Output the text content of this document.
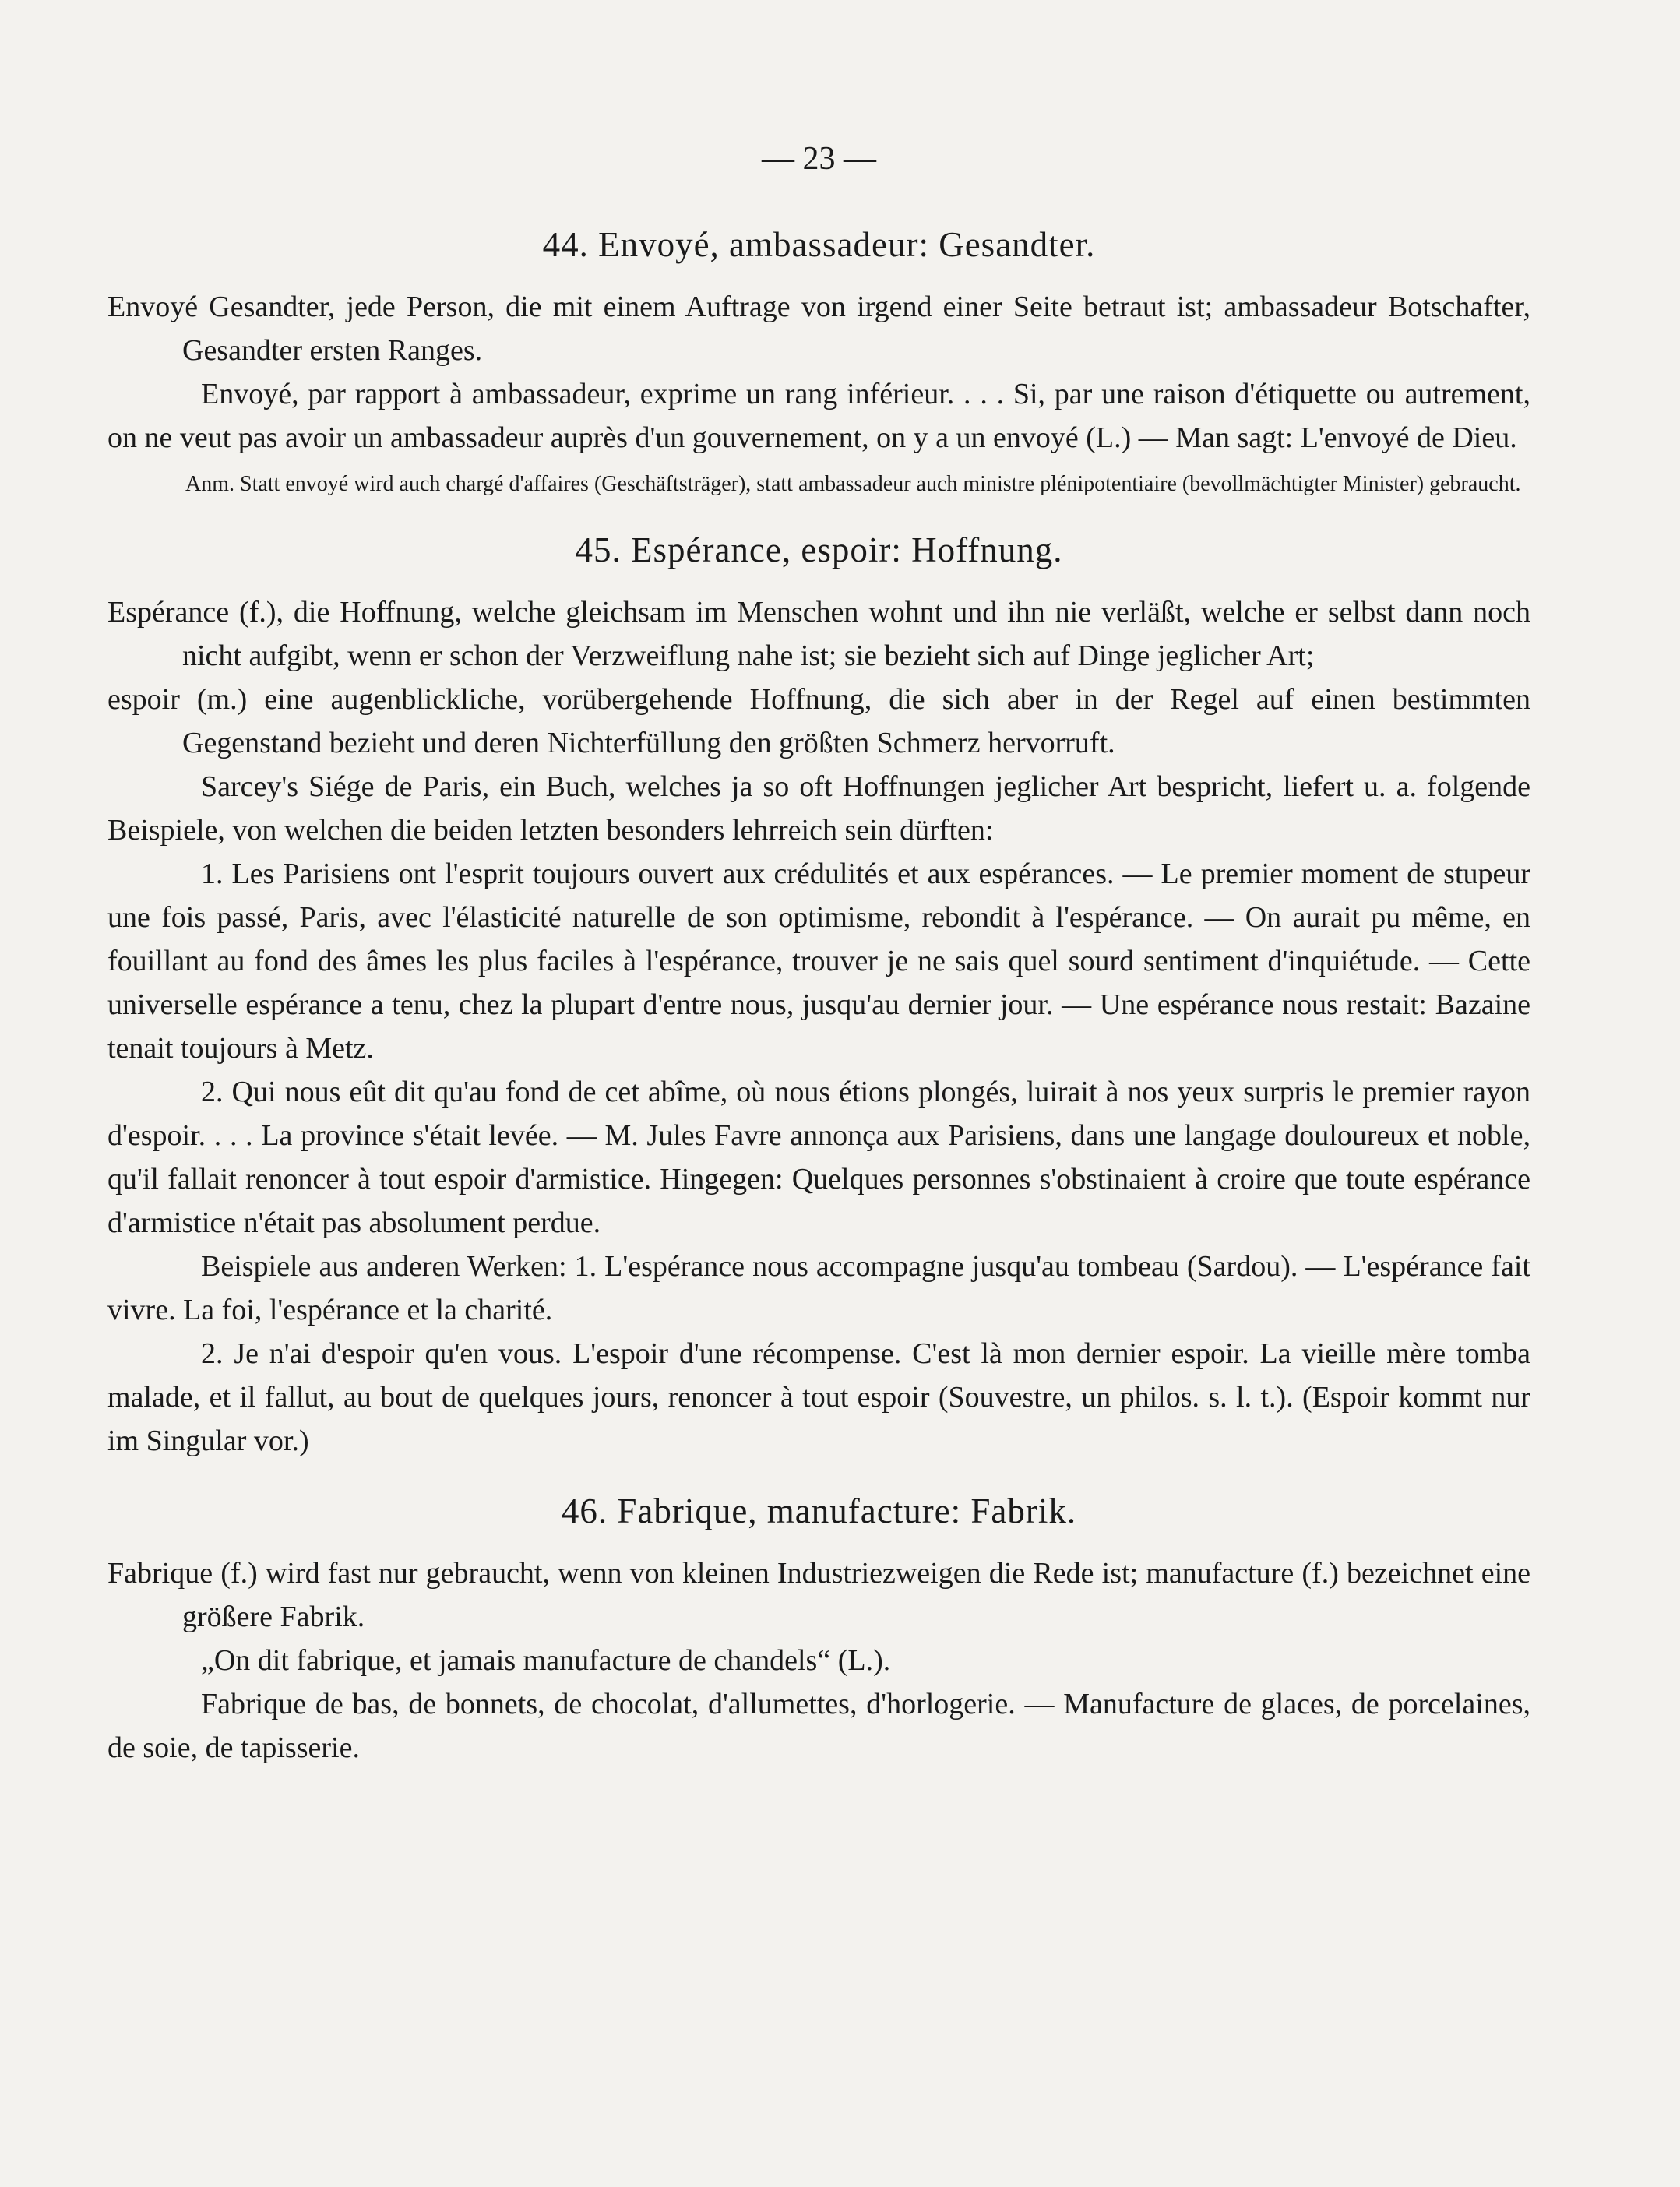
— 23 —
44. Envoyé, ambassadeur: Gesandter.

Envoyé Gesandter, jede Person, die mit einem Auftrage von irgend einer Seite betraut ist; ambassadeur Botschafter, Gesandter ersten Ranges.

Envoyé, par rapport à ambassadeur, exprime un rang inférieur. . . . Si, par une raison d'étiquette ou autrement, on ne veut pas avoir un ambassadeur auprès d'un gouvernement, on y a un envoyé (L.) — Man sagt: L'envoyé de Dieu.

Anm. Statt envoyé wird auch chargé d'affaires (Geschäftsträger), statt ambassadeur auch ministre plénipotentiaire (bevollmächtigter Minister) gebraucht.

45. Espérance, espoir: Hoffnung.

Espérance (f.), die Hoffnung, welche gleichsam im Menschen wohnt und ihn nie verläßt, welche er selbst dann noch nicht aufgibt, wenn er schon der Verzweiflung nahe ist; sie bezieht sich auf Dinge jeglicher Art;

espoir (m.) eine augenblickliche, vorübergehende Hoffnung, die sich aber in der Regel auf einen bestimmten Gegenstand bezieht und deren Nichterfüllung den größten Schmerz hervorruft.

Sarcey's Siége de Paris, ein Buch, welches ja so oft Hoffnungen jeglicher Art bespricht, liefert u. a. folgende Beispiele, von welchen die beiden letzten besonders lehrreich sein dürften:

1. Les Parisiens ont l'esprit toujours ouvert aux crédulités et aux espérances. — Le premier moment de stupeur une fois passé, Paris, avec l'élasticité naturelle de son optimisme, rebondit à l'espérance. — On aurait pu même, en fouillant au fond des âmes les plus faciles à l'espérance, trouver je ne sais quel sourd sentiment d'inquiétude. — Cette universelle espérance a tenu, chez la plupart d'entre nous, jusqu'au dernier jour. — Une espérance nous restait: Bazaine tenait toujours à Metz.

2. Qui nous eût dit qu'au fond de cet abîme, où nous étions plongés, luirait à nos yeux surpris le premier rayon d'espoir. . . . La province s'était levée. — M. Jules Favre annonça aux Parisiens, dans une langage douloureux et noble, qu'il fallait renoncer à tout espoir d'armistice. Hingegen: Quelques personnes s'obstinaient à croire que toute espérance d'armistice n'était pas absolument perdue.

Beispiele aus anderen Werken: 1. L'espérance nous accompagne jusqu'au tombeau (Sardou). — L'espérance fait vivre. La foi, l'espérance et la charité.

2. Je n'ai d'espoir qu'en vous. L'espoir d'une récompense. C'est là mon dernier espoir. La vieille mère tomba malade, et il fallut, au bout de quelques jours, renoncer à tout espoir (Souvestre, un philos. s. l. t.). (Espoir kommt nur im Singular vor.)

46. Fabrique, manufacture: Fabrik.

Fabrique (f.) wird fast nur gebraucht, wenn von kleinen Industriezweigen die Rede ist; manufacture (f.) bezeichnet eine größere Fabrik.

„On dit fabrique, et jamais manufacture de chandels“ (L.).

Fabrique de bas, de bonnets, de chocolat, d'allumettes, d'horlogerie. — Manufacture de glaces, de porcelaines, de soie, de tapisserie.
